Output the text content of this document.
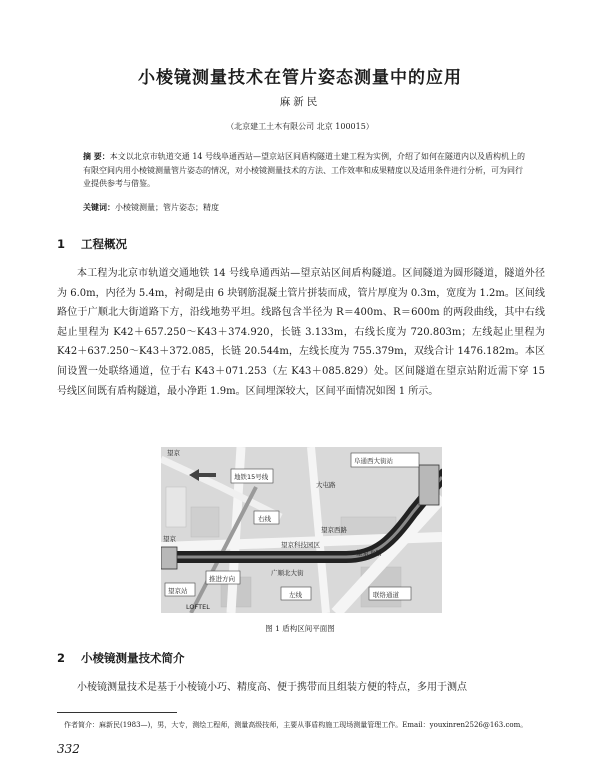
小棱镜测量技术在管片姿态测量中的应用
麻新民
（北京建工土木有限公司 北京 100015）
摘 要：本文以北京市轨道交通 14 号线阜通西站—望京站区间盾构隧道土建工程为实例，介绍了如何在隧道内以及盾构机上的有限空间内用小棱镜测量管片姿态的情况，对小棱镜测量技术的方法、工作效率和成果精度以及适用条件进行分析，可为同行业提供参考与借鉴。
关键词：小棱镜测量；管片姿态；精度
1 工程概况
本工程为北京市轨道交通地铁 14 号线阜通西站—望京站区间盾构隧道。区间隧道为圆形隧道，隧道外径为 6.0m，内径为 5.4m，衬砌是由 6 块钢筋混凝土管片拼装而成，管片厚度为 0.3m，宽度为 1.2m。区间线路位于广顺北大街道路下方，沿线地势平坦。线路包含半径为 R＝400m、R＝600m 的两段曲线，其中右线起止里程为 K42＋657.250～K43＋374.920，长链 3.133m，右线长度为 720.803m；左线起止里程为 K42＋637.250～K43＋372.085，长链 20.544m，左线长度为 755.379m，双线合计 1476.182m。本区间设置一处联络通道，位于右 K43＋071.253（左 K43＋085.829）处。区间隧道在望京站附近需下穿 15 号线区间既有盾构隧道，最小净距 1.9m。区间埋深较大，区间平面情况如图 1 所示。
地铁15号线
右线
阜通西大街站
推进方向
望京站	左线	联络通道
望京
望京
大屯路
望京西路
广顺北大街
望京北路
LOFTEL
望京科技园区
图 1 盾构区间平面图
2 小棱镜测量技术简介
小棱镜测量技术是基于小棱镜小巧、精度高、便于携带而且组装方便的特点，多用于测点
作者简介：麻新民(1983—)，男，大专，测绘工程师，测量高级技师，主要从事盾构施工现场测量管理工作。Email：youxinren2526@163.com。
332
